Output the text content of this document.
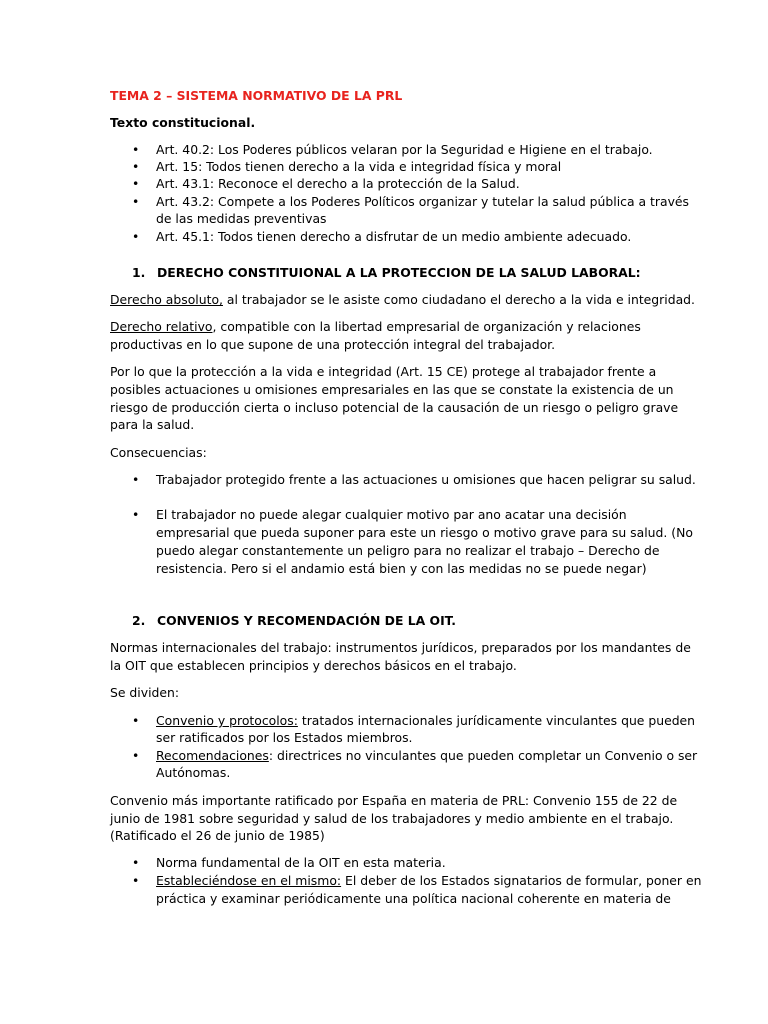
TEMA 2 – SISTEMA NORMATIVO DE LA PRL
Texto constitucional.
• Art. 40.2: Los Poderes públicos velaran por la Seguridad e Higiene en el trabajo.
• Art. 15: Todos tienen derecho a la vida e integridad física y moral
• Art. 43.1: Reconoce el derecho a la protección de la Salud.
• Art. 43.2: Compete a los Poderes Políticos organizar y tutelar la salud pública a través
de las medidas preventivas
• Art. 45.1: Todos tienen derecho a disfrutar de un medio ambiente adecuado.
1. DERECHO CONSTITUIONAL A LA PROTECCION DE LA SALUD LABORAL:
Derecho absoluto, al trabajador se le asiste como ciudadano el derecho a la vida e integridad.
Derecho relativo, compatible con la libertad empresarial de organización y relaciones
productivas en lo que supone de una protección integral del trabajador.
Por lo que la protección a la vida e integridad (Art. 15 CE) protege al trabajador frente a
posibles actuaciones u omisiones empresariales en las que se constate la existencia de un
riesgo de producción cierta o incluso potencial de la causación de un riesgo o peligro grave
para la salud.
Consecuencias:
• Trabajador protegido frente a las actuaciones u omisiones que hacen peligrar su salud.
• El trabajador no puede alegar cualquier motivo par ano acatar una decisión
empresarial que pueda suponer para este un riesgo o motivo grave para su salud. (No
puedo alegar constantemente un peligro para no realizar el trabajo – Derecho de
resistencia. Pero si el andamio está bien y con las medidas no se puede negar)
2. CONVENIOS Y RECOMENDACIÓN DE LA OIT.
Normas internacionales del trabajo: instrumentos jurídicos, preparados por los mandantes de
la OIT que establecen principios y derechos básicos en el trabajo.
Se dividen:
• Convenio y protocolos: tratados internacionales jurídicamente vinculantes que pueden
ser ratificados por los Estados miembros.
• Recomendaciones: directrices no vinculantes que pueden completar un Convenio o ser
Autónomas.
Convenio más importante ratificado por España en materia de PRL: Convenio 155 de 22 de
junio de 1981 sobre seguridad y salud de los trabajadores y medio ambiente en el trabajo.
(Ratificado el 26 de junio de 1985)
• Norma fundamental de la OIT en esta materia.
• Estableciéndose en el mismo: El deber de los Estados signatarios de formular, poner en
práctica y examinar periódicamente una política nacional coherente en materia de
